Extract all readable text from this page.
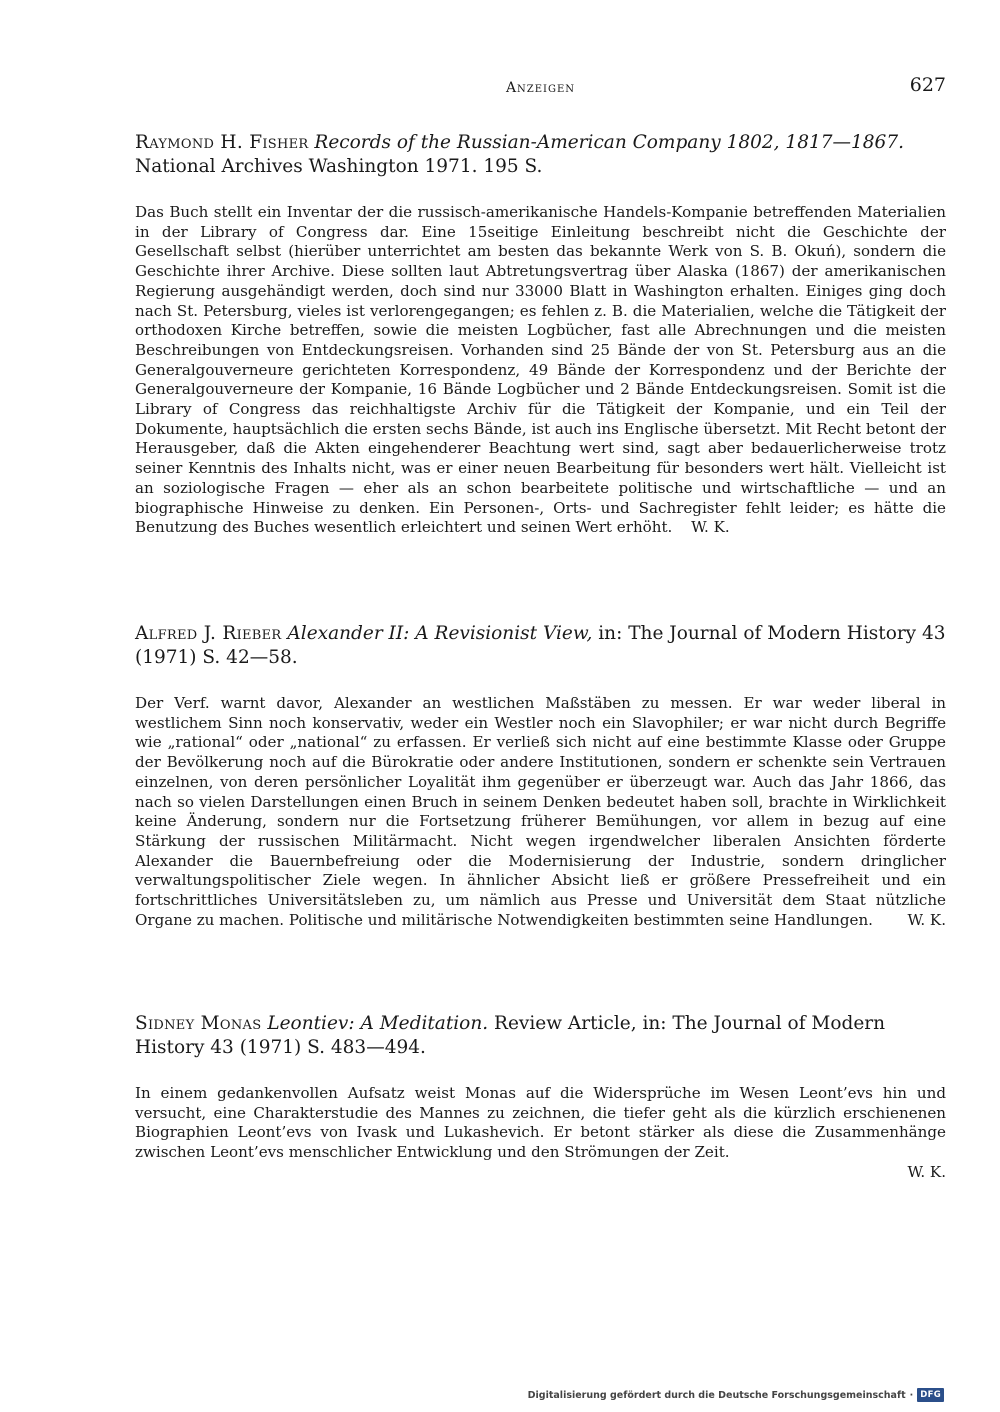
Anzeigen	627

Raymond H. Fisher Records of the Russian-American Company 1802, 1817—1867.
National Archives Washington 1971. 195 S.

Das Buch stellt ein Inventar der die russisch-amerikanische Handels-Kompanie betreffenden Materialien in der Library of Congress dar. Eine 15seitige Einleitung beschreibt nicht die Geschichte der Gesellschaft selbst (hierüber unterrichtet am besten das bekannte Werk von S. B. Okuń), sondern die Geschichte ihrer Archive. Diese sollten laut Abtretungsvertrag über Alaska (1867) der amerikanischen Regierung ausgehändigt werden, doch sind nur 33000 Blatt in Washington erhalten. Einiges ging doch nach St. Petersburg, vieles ist verlorengegangen; es fehlen z. B. die Materialien, welche die Tätigkeit der orthodoxen Kirche betreffen, sowie die meisten Logbücher, fast alle Abrechnungen und die meisten Beschreibungen von Entdeckungsreisen. Vorhanden sind 25 Bände der von St. Petersburg aus an die Generalgouverneure gerichteten Korrespondenz, 49 Bände der Korrespondenz und der Berichte der Generalgouverneure der Kompanie, 16 Bände Logbücher und 2 Bände Entdeckungsreisen. Somit ist die Library of Congress das reichhaltigste Archiv für die Tätigkeit der Kompanie, und ein Teil der Dokumente, hauptsächlich die ersten sechs Bände, ist auch ins Englische übersetzt. Mit Recht betont der Herausgeber, daß die Akten eingehenderer Beachtung wert sind, sagt aber bedauerlicherweise trotz seiner Kenntnis des Inhalts nicht, was er einer neuen Bearbeitung für besonders wert hält. Vielleicht ist an soziologische Fragen — eher als an schon bearbeitete politische und wirtschaftliche — und an biographische Hinweise zu denken. Ein Personen-, Orts- und Sachregister fehlt leider; es hätte die Benutzung des Buches wesentlich erleichtert und seinen Wert erhöht. W. K.

Alfred J. Rieber Alexander II: A Revisionist View, in: The Journal of Modern History 43 (1971) S. 42—58.

Der Verf. warnt davor, Alexander an westlichen Maßstäben zu messen. Er war weder liberal in westlichem Sinn noch konservativ, weder ein Westler noch ein Slavophiler; er war nicht durch Begriffe wie „rational“ oder „national“ zu erfassen. Er verließ sich nicht auf eine bestimmte Klasse oder Gruppe der Bevölkerung noch auf die Bürokratie oder andere Institutionen, sondern er schenkte sein Vertrauen einzelnen, von deren persönlicher Loyalität ihm gegenüber er überzeugt war. Auch das Jahr 1866, das nach so vielen Darstellungen einen Bruch in seinem Denken bedeutet haben soll, brachte in Wirklichkeit keine Änderung, sondern nur die Fortsetzung früherer Bemühungen, vor allem in bezug auf eine Stärkung der russischen Militärmacht. Nicht wegen irgendwelcher liberalen Ansichten förderte Alexander die Bauernbefreiung oder die Modernisierung der Industrie, sondern dringlicher verwaltungspolitischer Ziele wegen. In ähnlicher Absicht ließ er größere Pressefreiheit und ein fortschrittliches Universitätsleben zu, um nämlich aus Presse und Universität dem Staat nützliche Organe zu machen. Politische und militärische Notwendigkeiten bestimmten seine Handlungen. W. K.

Sidney Monas Leontiev: A Meditation. Review Article, in: The Journal of Modern History 43 (1971) S. 483—494.

In einem gedankenvollen Aufsatz weist Monas auf die Widersprüche im Wesen Leont’evs hin und versucht, eine Charakterstudie des Mannes zu zeichnen, die tiefer geht als die kürzlich erschienenen Biographien Leont’evs von Ivask und Lukashevich. Er betont stärker als diese die Zusammenhänge zwischen Leont’evs menschlicher Entwicklung und den Strömungen der Zeit.
W. K.
Digitalisierung gefördert durch die Deutsche Forschungsgemeinschaft · DFG
